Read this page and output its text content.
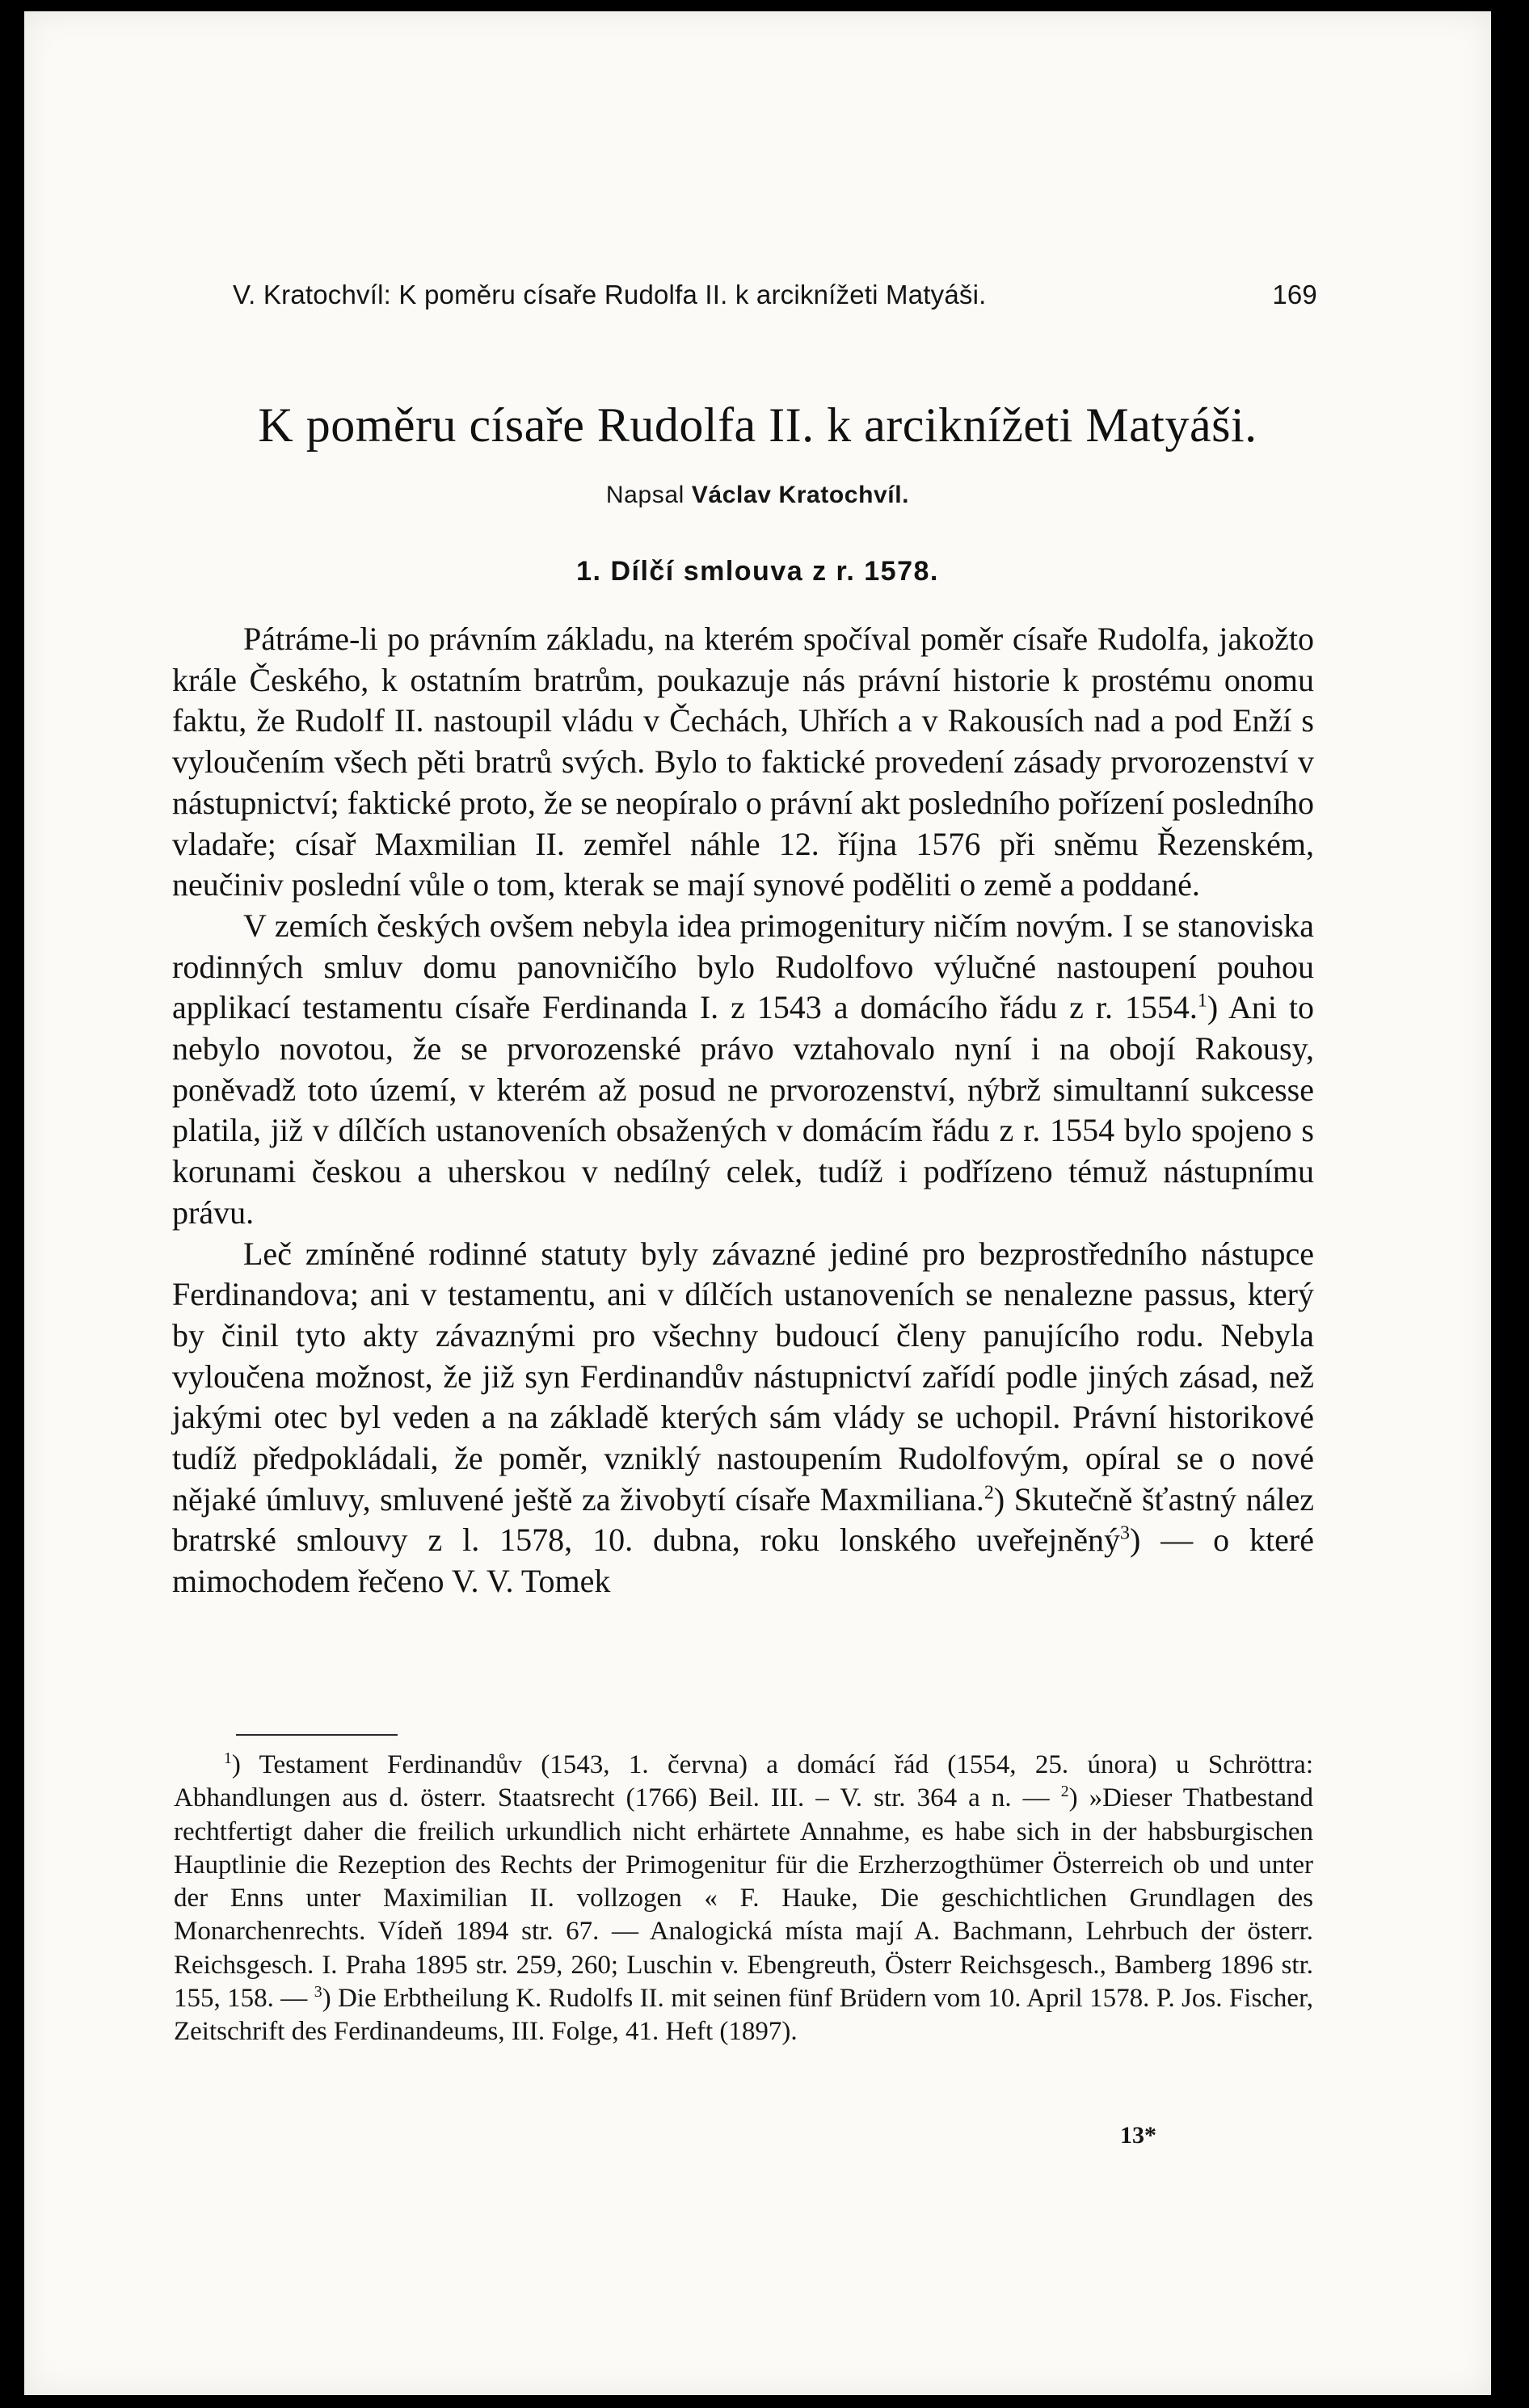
V. Kratochvíl: K poměru císaře Rudolfa II. k arciknížeti Matyáši.	169
K poměru císaře Rudolfa II. k arciknížeti Matyáši.
Napsal Václav Kratochvíl.
1. Dílčí smlouva z r. 1578.

Pátráme-li po právním základu, na kterém spočíval poměr císaře Rudolfa, jakožto krále Českého, k ostatním bratrům, poukazuje nás právní historie k prostému onomu faktu, že Rudolf II. nastoupil vládu v Čechách, Uhřích a v Rakousích nad a pod Enží s vyloučením všech pěti bratrů svých. Bylo to faktické provedení zásady prvorozenství v nástupnictví; faktické proto, že se neopíralo o právní akt posledního pořízení posledního vladaře; císař Maxmilian II. zemřel náhle 12. října 1576 při sněmu Řezenském, neučiniv poslední vůle o tom, kterak se mají synové poděliti o země a poddané.

V zemích českých ovšem nebyla idea primogenitury ničím novým. I se stanoviska rodinných smluv domu panovničího bylo Rudolfovo výlučné nastoupení pouhou applikací testamentu císaře Ferdinanda I. z 1543 a domácího řádu z r. 1554.$^1$) Ani to nebylo novotou, že se prvorozenské právo vztahovalo nyní i na obojí Rakousy, poněvadž toto území, v kterém až posud ne prvorozenství, nýbrž simultanní sukcesse platila, již v dílčích ustanoveních obsažených v domácím řádu z r. 1554 bylo spojeno s korunami českou a uherskou v nedílný celek, tudíž i podřízeno témuž nástupnímu právu.

Leč zmíněné rodinné statuty byly závazné jediné pro bezprostředního nástupce Ferdinandova; ani v testamentu, ani v dílčích ustanoveních se nenalezne passus, který by činil tyto akty závaznými pro všechny budoucí členy panujícího rodu. Nebyla vyloučena možnost, že již syn Ferdinandův nástupnictví zařídí podle jiných zásad, než jakými otec byl veden a na základě kterých sám vlády se uchopil. Právní historikové tudíž předpokládali, že poměr, vzniklý nastoupením Rudolfovým, opíral se o nové nějaké úmluvy, smluvené ještě za živobytí císaře Maxmiliana.$^2$) Skutečně šťastný nález bratrské smlouvy z l. 1578, 10. dubna, roku lonského uveřejněný$^3$) — o které mimochodem řečeno V. V. Tomek

$^1$) Testament Ferdinandův (1543, 1. června) a domácí řád (1554, 25. února) u Schröttra: Abhandlungen aus d. österr. Staatsrecht (1766) Beil. III. – V. str. 364 a n. — $^2$) »Dieser Thatbestand rechtfertigt daher die freilich urkundlich nicht erhärtete Annahme, es habe sich in der habsburgischen Hauptlinie die Rezeption des Rechts der Primogenitur für die Erzherzogthümer Österreich ob und unter der Enns unter Maximilian II. vollzogen « F. Hauke, Die geschichtlichen Grundlagen des Monarchenrechts. Vídeň 1894 str. 67. — Analogická místa mají A. Bachmann, Lehrbuch der österr. Reichsgesch. I. Praha 1895 str. 259, 260; Luschin v. Ebengreuth, Österr Reichsgesch., Bamberg 1896 str. 155, 158. — $^3$) Die Erbtheilung K. Rudolfs II. mit seinen fünf Brüdern vom 10. April 1578. P. Jos. Fischer, Zeitschrift des Ferdinandeums, III. Folge, 41. Heft (1897).
13*
